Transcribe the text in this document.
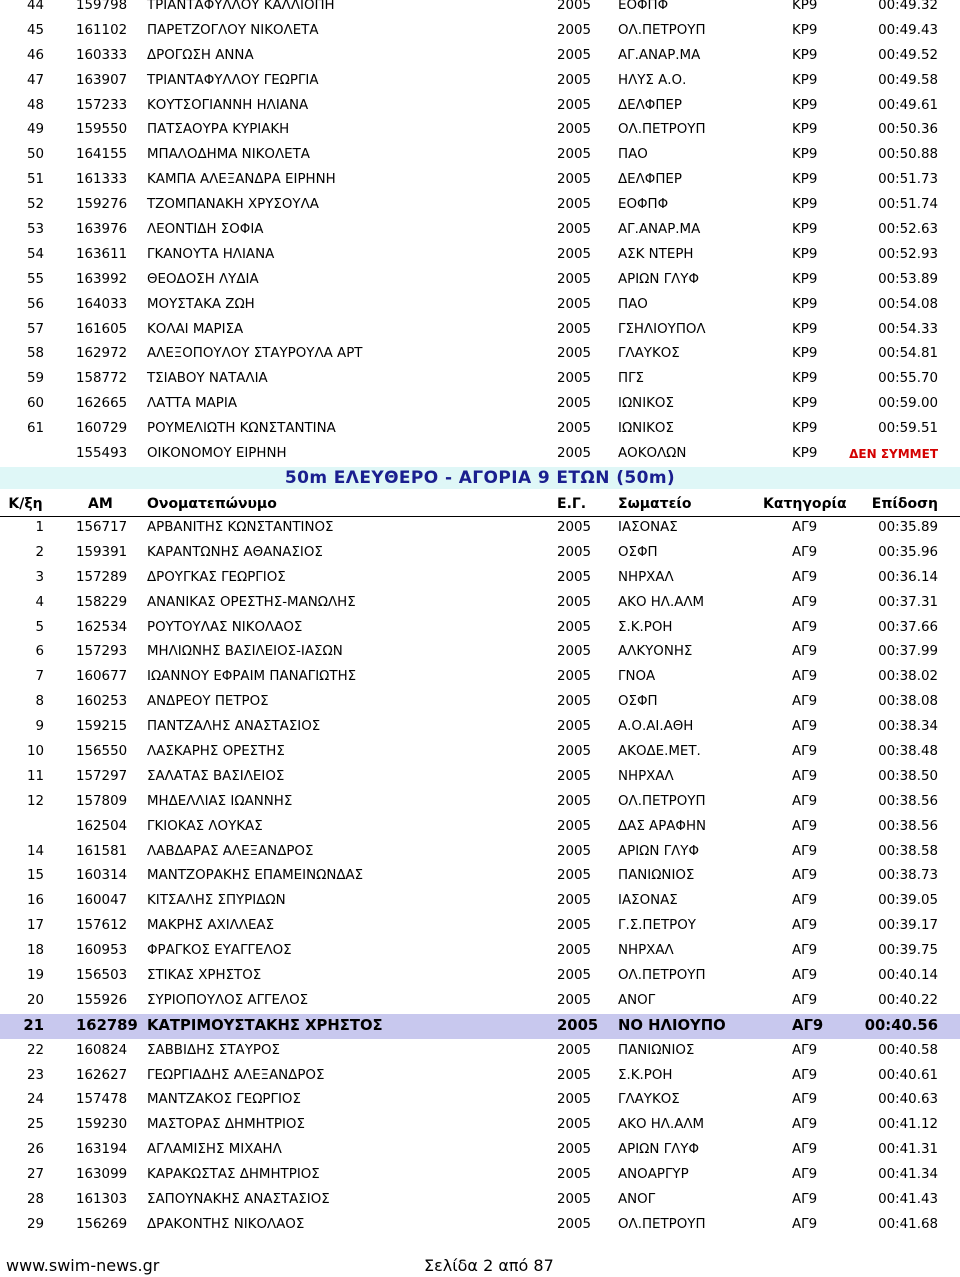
44 159798 ΤΡΙΑΝΤΑΦΥΛΛΟΥ ΚΑΛΛΙΟΠΗ	2005 ΕΟΦΠΦ	ΚΡ9	00:49.32
45 161102 ΠΑΡΕΤΖΟΓΛΟΥ ΝΙΚΟΛΕΤΑ	2005 ΟΛ.ΠΕΤΡΟΥΠ	ΚΡ9	00:49.43
46 160333 ΔΡΟΓΩΣΗ ΑΝΝΑ	2005 ΑΓ.ΑΝΑΡ.ΜΑ	ΚΡ9	00:49.52
47 163907 ΤΡΙΑΝΤΑΦΥΛΛΟΥ ΓΕΩΡΓΙΑ	2005 ΗΛΥΣ Α.Ο.	ΚΡ9	00:49.58
48 157233 ΚΟΥΤΣΟΓΙΑΝΝΗ ΗΛΙΑΝΑ	2005 ΔΕΛΦΠΕΡ	ΚΡ9	00:49.61
49 159550 ΠΑΤΣΑΟΥΡΑ ΚΥΡΙΑΚΗ	2005 ΟΛ.ΠΕΤΡΟΥΠ	ΚΡ9	00:50.36
50 164155 ΜΠΑΛΟΔΗΜΑ ΝΙΚΟΛΕΤΑ	2005 ΠΑΟ	ΚΡ9	00:50.88
51 161333 ΚΑΜΠΑ ΑΛΕΞΑΝΔΡΑ ΕΙΡΗΝΗ	2005 ΔΕΛΦΠΕΡ	ΚΡ9	00:51.73
52 159276 ΤΖΟΜΠΑΝΑΚΗ ΧΡΥΣΟΥΛΑ	2005 ΕΟΦΠΦ	ΚΡ9	00:51.74
53 163976 ΛΕΟΝΤΙΔΗ ΣΟΦΙΑ	2005 ΑΓ.ΑΝΑΡ.ΜΑ	ΚΡ9	00:52.63
54 163611 ΓΚΑΝΟΥΤΑ ΗΛΙΑΝΑ	2005 ΑΣΚ ΝΤΕΡΗ	ΚΡ9	00:52.93
55 163992 ΘΕΟΔΟΣΗ ΛΥΔΙΑ	2005 ΑΡΙΩΝ ΓΛΥΦ	ΚΡ9	00:53.89
56 164033 ΜΟΥΣΤΑΚΑ ΖΩΗ	2005 ΠΑΟ	ΚΡ9	00:54.08
57 161605 ΚΟΛΑΙ ΜΑΡΙΣΑ	2005 ΓΣΗΛΙΟΥΠΟΛ	ΚΡ9	00:54.33
58 162972 ΑΛΕΞΟΠΟΥΛΟΥ ΣΤΑΥΡΟΥΛΑ ΑΡΤ	2005 ΓΛΑΥΚΟΣ	ΚΡ9	00:54.81
59 158772 ΤΣΙΑΒΟΥ ΝΑΤΑΛΙΑ	2005 ΠΓΣ	ΚΡ9	00:55.70
60 162665 ΛΑΤΤΑ ΜΑΡΙΑ	2005 ΙΩΝΙΚΟΣ	ΚΡ9	00:59.00
61 160729 ΡΟΥΜΕΛΙΩΤΗ ΚΩΝΣΤΑΝΤΙΝΑ	2005 ΙΩΝΙΚΟΣ	ΚΡ9	00:59.51
155493 ΟΙΚΟΝΟΜΟΥ ΕΙΡΗΝΗ	2005 ΑΟΚΟΛΩΝ	ΚΡ9	ΔΕΝ ΣΥΜΜΕΤ
50m ΕΛΕΥΘΕΡΟ - ΑΓΟΡΙΑ 9 ΕΤΩΝ (50m)
Κ/ξη	ΑΜ Ονοματεπώνυμο	Ε.Γ. Σωματείο	Κατηγορία Επίδοση
1 156717 ΑΡΒΑΝΙΤΗΣ ΚΩΝΣΤΑΝΤΙΝΟΣ	2005 ΙΑΣΟΝΑΣ	ΑΓ9	00:35.89
2 159391 ΚΑΡΑΝΤΩΝΗΣ ΑΘΑΝΑΣΙΟΣ	2005 ΟΣΦΠ	ΑΓ9	00:35.96
3 157289 ΔΡΟΥΓΚΑΣ ΓΕΩΡΓΙΟΣ	2005 ΝΗΡΧΑΛ	ΑΓ9	00:36.14
4 158229 ΑΝΑΝΙΚΑΣ ΟΡΕΣΤΗΣ-ΜΑΝΩΛΗΣ	2005 ΑΚΟ ΗΛ.ΑΛΜ	ΑΓ9	00:37.31
5 162534 ΡΟΥΤΟΥΛΑΣ ΝΙΚΟΛΑΟΣ	2005 Σ.Κ.ΡΟΗ	ΑΓ9	00:37.66
6 157293 ΜΗΛΙΩΝΗΣ ΒΑΣΙΛΕΙΟΣ-ΙΑΣΩΝ	2005 ΑΛΚΥΟΝΗΣ	ΑΓ9	00:37.99
7 160677 ΙΩΑΝΝΟΥ ΕΦΡΑΙΜ ΠΑΝΑΓΙΩΤΗΣ	2005 ΓΝΟΑ	ΑΓ9	00:38.02
8 160253 ΑΝΔΡΕΟΥ ΠΕΤΡΟΣ	2005 ΟΣΦΠ	ΑΓ9	00:38.08
9 159215 ΠΑΝΤΖΑΛΗΣ ΑΝΑΣΤΑΣΙΟΣ	2005 Α.Ο.ΑΙ.ΑΘΗ	ΑΓ9	00:38.34
10 156550 ΛΑΣΚΑΡΗΣ ΟΡΕΣΤΗΣ	2005 ΑΚΟΔΕ.ΜΕΤ.	ΑΓ9	00:38.48
11 157297 ΣΑΛΑΤΑΣ ΒΑΣΙΛΕΙΟΣ	2005 ΝΗΡΧΑΛ	ΑΓ9	00:38.50
12 157809 ΜΗΔΕΛΛΙΑΣ ΙΩΑΝΝΗΣ	2005 ΟΛ.ΠΕΤΡΟΥΠ	ΑΓ9	00:38.56
162504 ΓΚΙΟΚΑΣ ΛΟΥΚΑΣ	2005 ΔΑΣ ΑΡΑΦΗΝ	ΑΓ9	00:38.56
14 161581 ΛΑΒΔΑΡΑΣ ΑΛΕΞΑΝΔΡΟΣ	2005 ΑΡΙΩΝ ΓΛΥΦ	ΑΓ9	00:38.58
15 160314 ΜΑΝΤΖΟΡΑΚΗΣ ΕΠΑΜΕΙΝΩΝΔΑΣ	2005 ΠΑΝΙΩΝΙΟΣ	ΑΓ9	00:38.73
16 160047 ΚΙΤΣΑΛΗΣ ΣΠΥΡΙΔΩΝ	2005 ΙΑΣΟΝΑΣ	ΑΓ9	00:39.05
17 157612 ΜΑΚΡΗΣ ΑΧΙΛΛΕΑΣ	2005 Γ.Σ.ΠΕΤΡΟΥ	ΑΓ9	00:39.17
18 160953 ΦΡΑΓΚΟΣ ΕΥΑΓΓΕΛΟΣ	2005 ΝΗΡΧΑΛ	ΑΓ9	00:39.75
19 156503 ΣΤΙΚΑΣ ΧΡΗΣΤΟΣ	2005 ΟΛ.ΠΕΤΡΟΥΠ	ΑΓ9	00:40.14
20 155926 ΣΥΡΙΟΠΟΥΛΟΣ ΑΓΓΕΛΟΣ	2005 ΑΝΟΓ	ΑΓ9	00:40.22
21 162789 ΚΑΤΡΙΜΟΥΣΤΑΚΗΣ ΧΡΗΣΤΟΣ	2005 ΝΟ ΗΛΙΟΥΠΟ	ΑΓ9	00:40.56
22 160824 ΣΑΒΒΙΔΗΣ ΣΤΑΥΡΟΣ	2005 ΠΑΝΙΩΝΙΟΣ	ΑΓ9	00:40.58
23 162627 ΓΕΩΡΓΙΑΔΗΣ ΑΛΕΞΑΝΔΡΟΣ	2005 Σ.Κ.ΡΟΗ	ΑΓ9	00:40.61
24 157478 ΜΑΝΤΖΑΚΟΣ ΓΕΩΡΓΙΟΣ	2005 ΓΛΑΥΚΟΣ	ΑΓ9	00:40.63
25 159230 ΜΑΣΤΟΡΑΣ ΔΗΜΗΤΡΙΟΣ	2005 ΑΚΟ ΗΛ.ΑΛΜ	ΑΓ9	00:41.12
26 163194 ΑΓΛΑΜΙΣΗΣ ΜΙΧΑΗΛ	2005 ΑΡΙΩΝ ΓΛΥΦ	ΑΓ9	00:41.31
27 163099 ΚΑΡΑΚΩΣΤΑΣ ΔΗΜΗΤΡΙΟΣ	2005 ΑΝΟΑΡΓΥΡ	ΑΓ9	00:41.34
28 161303 ΣΑΠΟΥΝΑΚΗΣ ΑΝΑΣΤΑΣΙΟΣ	2005 ΑΝΟΓ	ΑΓ9	00:41.43
29 156269 ΔΡΑΚΟΝΤΗΣ ΝΙΚΟΛΑΟΣ	2005 ΟΛ.ΠΕΤΡΟΥΠ	ΑΓ9	00:41.68
www.swim-news.gr	Σελίδα 2 από 87
